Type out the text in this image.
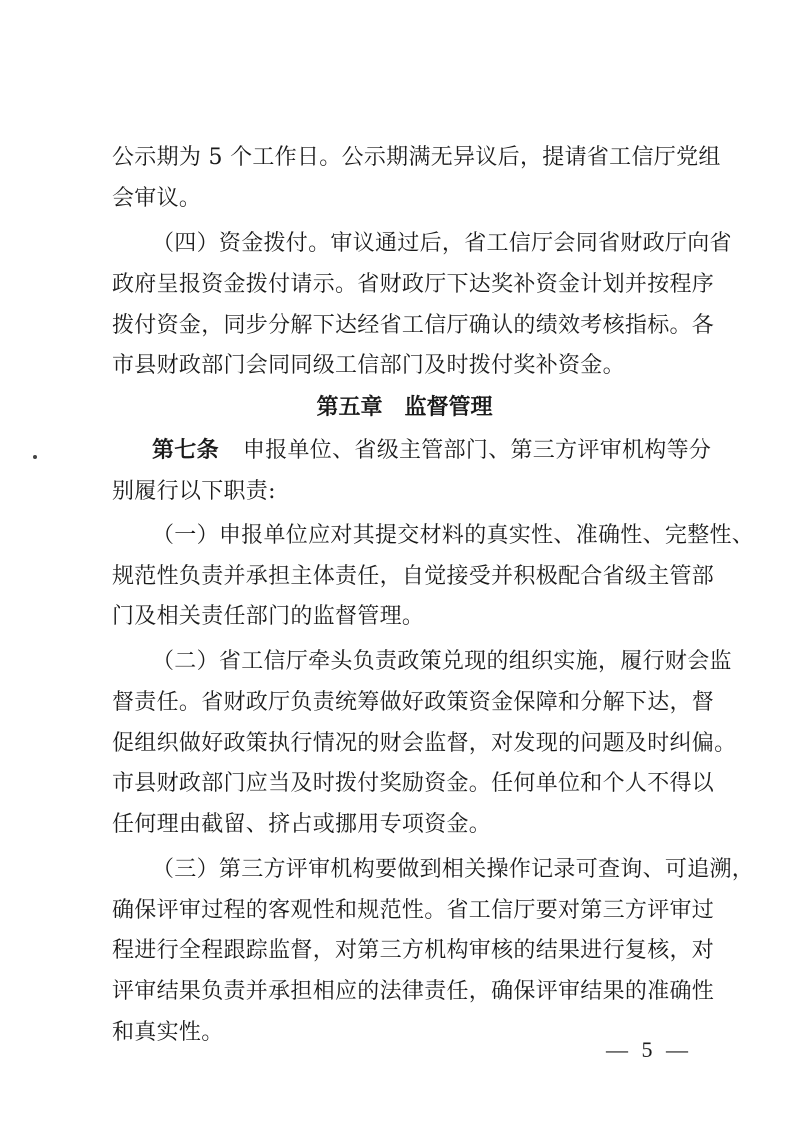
公示期为 5 个工作日。公示期满无异议后，提请省工信厅党组
会审议。
（四）资金拨付。审议通过后，省工信厅会同省财政厅向省
政府呈报资金拨付请示。省财政厅下达奖补资金计划并按程序
拨付资金，同步分解下达经省工信厅确认的绩效考核指标。各
市县财政部门会同同级工信部门及时拨付奖补资金。
第五章　监督管理
第七条 申报单位、省级主管部门、第三方评审机构等分
别履行以下职责:
（一）申报单位应对其提交材料的真实性、准确性、完整性、
规范性负责并承担主体责任，自觉接受并积极配合省级主管部
门及相关责任部门的监督管理。
（二）省工信厅牵头负责政策兑现的组织实施，履行财会监
督责任。省财政厅负责统筹做好政策资金保障和分解下达，督
促组织做好政策执行情况的财会监督，对发现的问题及时纠偏。
市县财政部门应当及时拨付奖励资金。任何单位和个人不得以
任何理由截留、挤占或挪用专项资金。
（三）第三方评审机构要做到相关操作记录可查询、可追溯，
确保评审过程的客观性和规范性。省工信厅要对第三方评审过
程进行全程跟踪监督，对第三方机构审核的结果进行复核，对
评审结果负责并承担相应的法律责任，确保评审结果的准确性
和真实性。
— 5 —
